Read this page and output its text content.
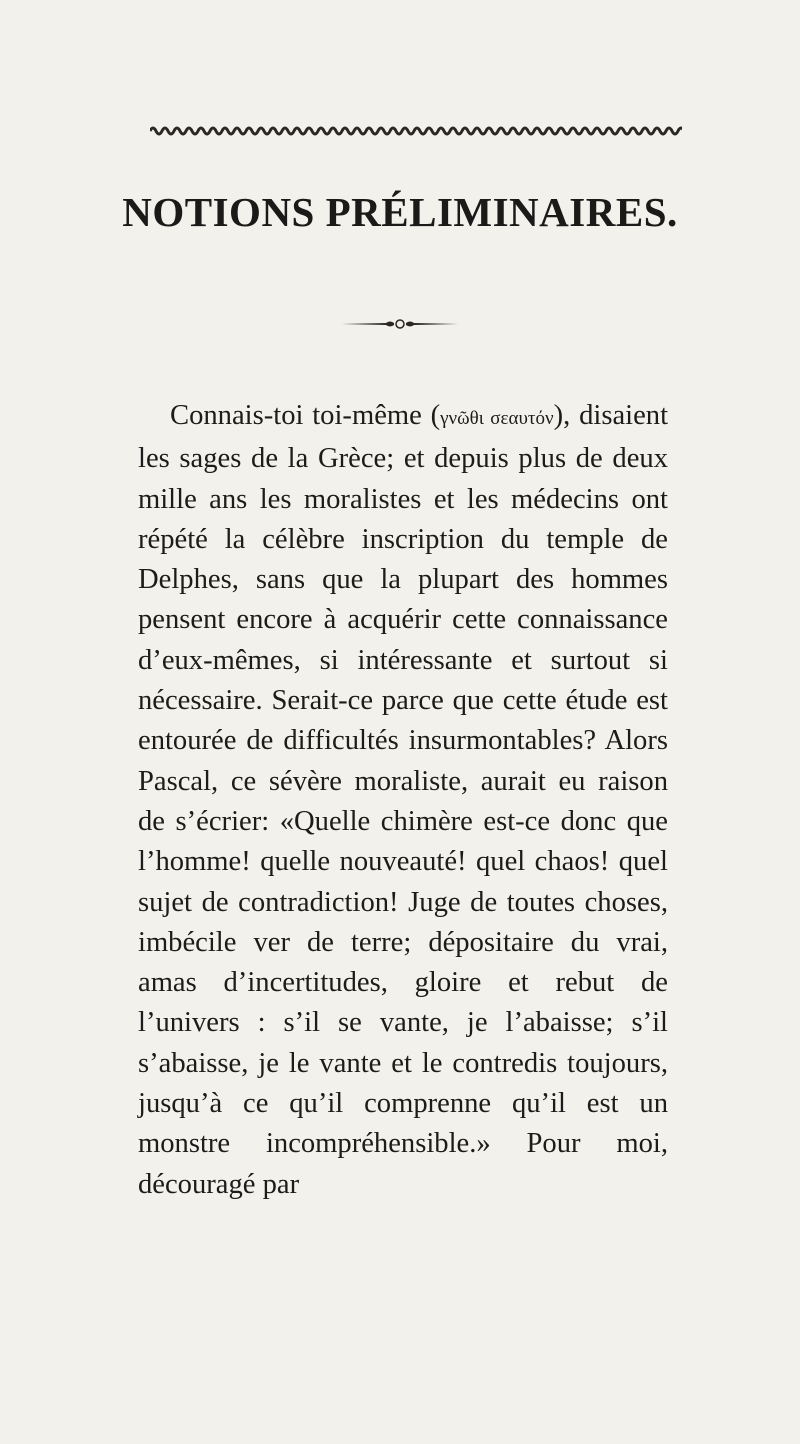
NOTIONS PRÉLIMINAIRES.
Connais-toi toi-même (γνῶθι σεαυτόν), disaient les sages de la Grèce; et depuis plus de deux mille ans les moralistes et les médecins ont répété la célèbre inscription du temple de Delphes, sans que la plupart des hommes pensent encore à acquérir cette connaissance d’eux-mêmes, si intéressante et surtout si nécessaire. Serait-ce parce que cette étude est entourée de difficultés insurmontables? Alors Pascal, ce sévère moraliste, aurait eu raison de s’écrier: «Quelle chimère est-ce donc que l’homme! quelle nouveauté! quel chaos! quel sujet de contradiction! Juge de toutes choses, imbécile ver de terre; dépositaire du vrai, amas d’incertitudes, gloire et rebut de l’univers : s’il se vante, je l’abaisse; s’il s’abaisse, je le vante et le contredis toujours, jusqu’à ce qu’il comprenne qu’il est un monstre incompréhensible.» Pour moi, découragé par
